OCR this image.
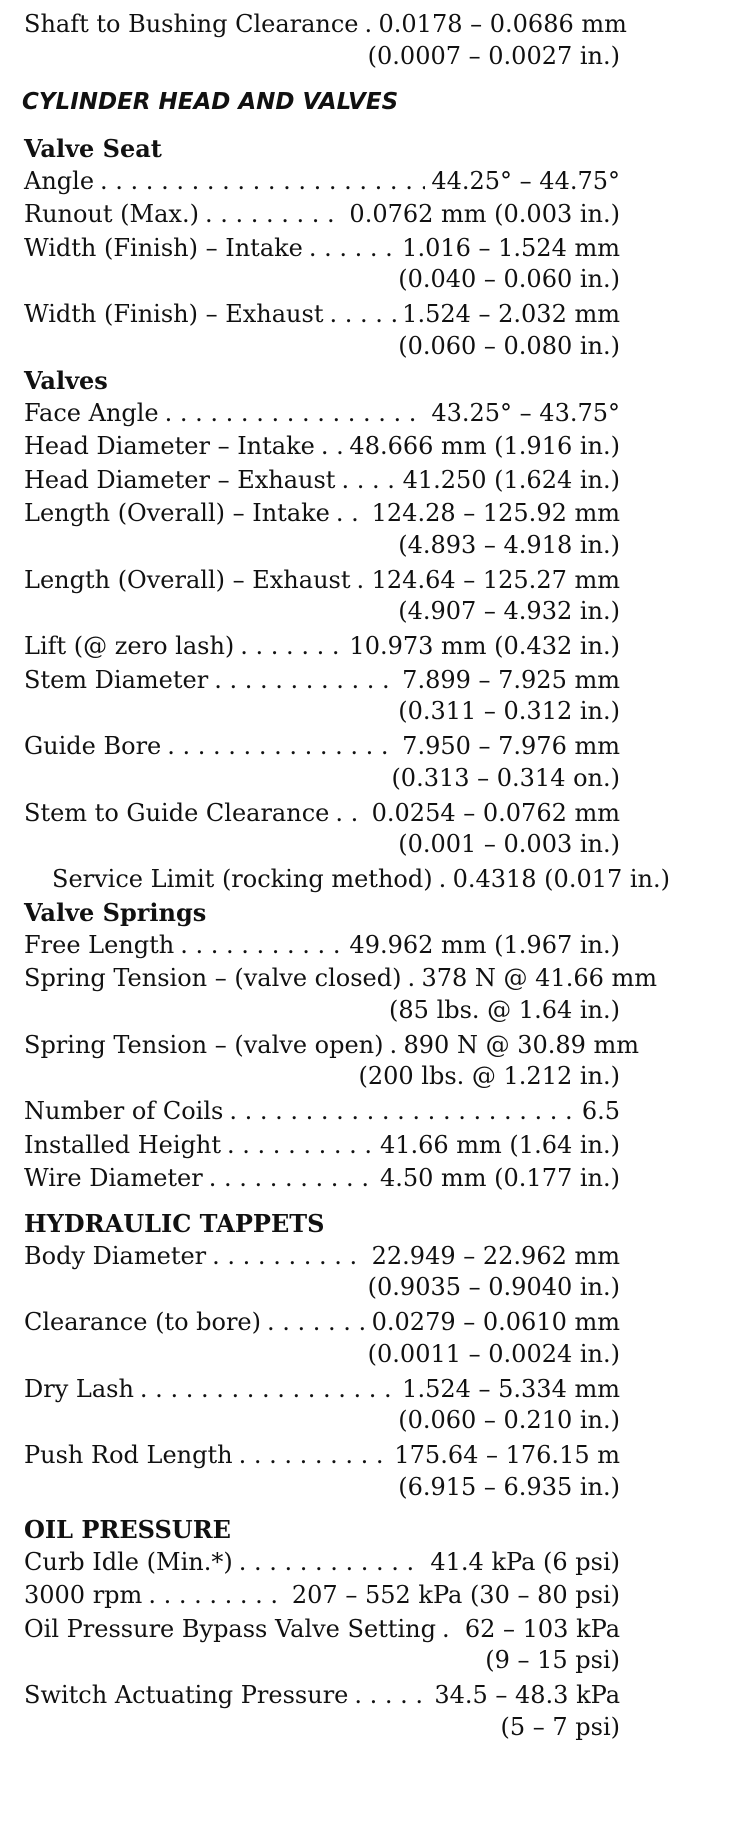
Shaft to Bushing Clearance . . . 0.0178 – 0.0686 mm
(0.0007 – 0.0027 in.)
CYLINDER HEAD AND VALVES
Valve Seat
Angle . . .	44.25° – 44.75°
Runout (Max.) . . .	0.0762 mm (0.003 in.)
Width (Finish) – Intake . . .	1.016 – 1.524 mm
(0.040 – 0.060 in.)
Width (Finish) – Exhaust . . .	1.524 – 2.032 mm
(0.060 – 0.080 in.)
Valves
Face Angle . . .	43.25° – 43.75°
Head Diameter – Intake . . . 48.666 mm (1.916 in.)
Head Diameter – Exhaust . . .	41.250 (1.624 in.)
Length (Overall) – Intake . . . 124.28 – 125.92 mm
(4.893 – 4.918 in.)
Length (Overall) – Exhaust . . . 124.64 – 125.27 mm
(4.907 – 4.932 in.)
Lift (@ zero lash) . . .	10.973 mm (0.432 in.)
Stem Diameter . . .	7.899 – 7.925 mm
(0.311 – 0.312 in.)
Guide Bore . . .	7.950 – 7.976 mm
(0.313 – 0.314 on.)
Stem to Guide Clearance . . . 0.0254 – 0.0762 mm
(0.001 – 0.003 in.)
Service Limit (rocking method) . . . 0.4318 (0.017 in.)
Valve Springs
Free Length . . .	49.962 mm (1.967 in.)
Spring Tension – (valve closed) . . . 378 N @ 41.66 mm
(85 lbs. @ 1.64 in.)
Spring Tension – (valve open) . . . 890 N @ 30.89 mm
(200 lbs. @ 1.212 in.)
Number of Coils . . .	6.5
Installed Height . . .	41.66 mm (1.64 in.)
Wire Diameter . . .	4.50 mm (0.177 in.)
HYDRAULIC TAPPETS
Body Diameter . . .	22.949 – 22.962 mm
(0.9035 – 0.9040 in.)
Clearance (to bore) . . .	0.0279 – 0.0610 mm
(0.0011 – 0.0024 in.)
Dry Lash . . .	1.524 – 5.334 mm
(0.060 – 0.210 in.)
Push Rod Length . . .	175.64 – 176.15 m
(6.915 – 6.935 in.)
OIL PRESSURE
Curb Idle (Min.*) . . .	41.4 kPa (6 psi)
3000 rpm . . .	207 – 552 kPa (30 – 80 psi)
Oil Pressure Bypass Valve Setting . . . 62 – 103 kPa
(9 – 15 psi)
Switch Actuating Pressure . . .	34.5 – 48.3 kPa
(5 – 7 psi)
